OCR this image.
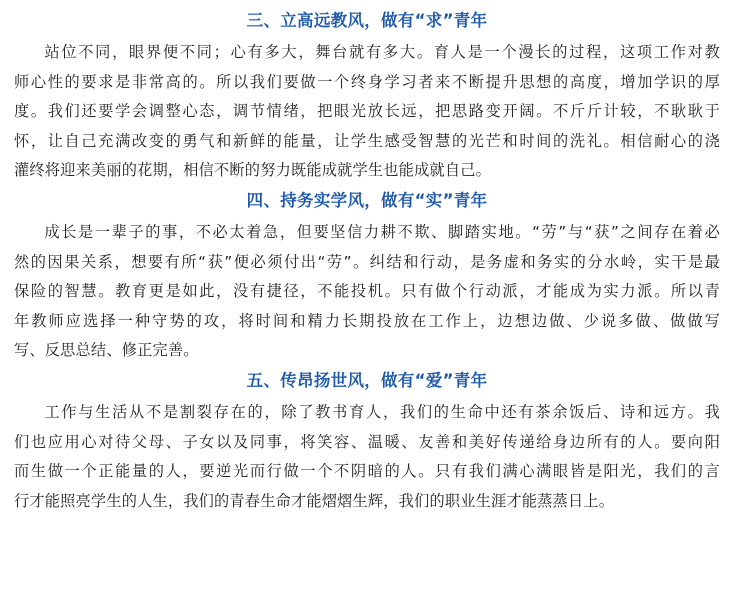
三、立高远教风，做有“求”青年
站位不同，眼界便不同；心有多大，舞台就有多大。育人是一个漫长的过程，这项工作对教
师心性的要求是非常高的。所以我们要做一个终身学习者来不断提升思想的高度，增加学识的厚
度。我们还要学会调整心态，调节情绪，把眼光放长远，把思路变开阔。不斤斤计较，不耿耿于
怀，让自己充满改变的勇气和新鲜的能量，让学生感受智慧的光芒和时间的洗礼。相信耐心的浇
灌终将迎来美丽的花期，相信不断的努力既能成就学生也能成就自己。
四、持务实学风，做有“实”青年
成长是一辈子的事，不必太着急，但要坚信力耕不欺、脚踏实地。“劳”与“获”之间存在着必
然的因果关系，想要有所“获”便必须付出“劳”。纠结和行动，是务虚和务实的分水岭，实干是最
保险的智慧。教育更是如此，没有捷径，不能投机。只有做个行动派，才能成为实力派。所以青
年教师应选择一种守势的攻，将时间和精力长期投放在工作上，边想边做、少说多做、做做写
写、反思总结、修正完善。
五、传昂扬世风，做有“爱”青年
工作与生活从不是割裂存在的，除了教书育人，我们的生命中还有茶余饭后、诗和远方。我
们也应用心对待父母、子女以及同事，将笑容、温暖、友善和美好传递给身边所有的人。要向阳
而生做一个正能量的人，要逆光而行做一个不阴暗的人。只有我们满心满眼皆是阳光，我们的言
行才能照亮学生的人生，我们的青春生命才能熠熠生辉，我们的职业生涯才能蒸蒸日上。
